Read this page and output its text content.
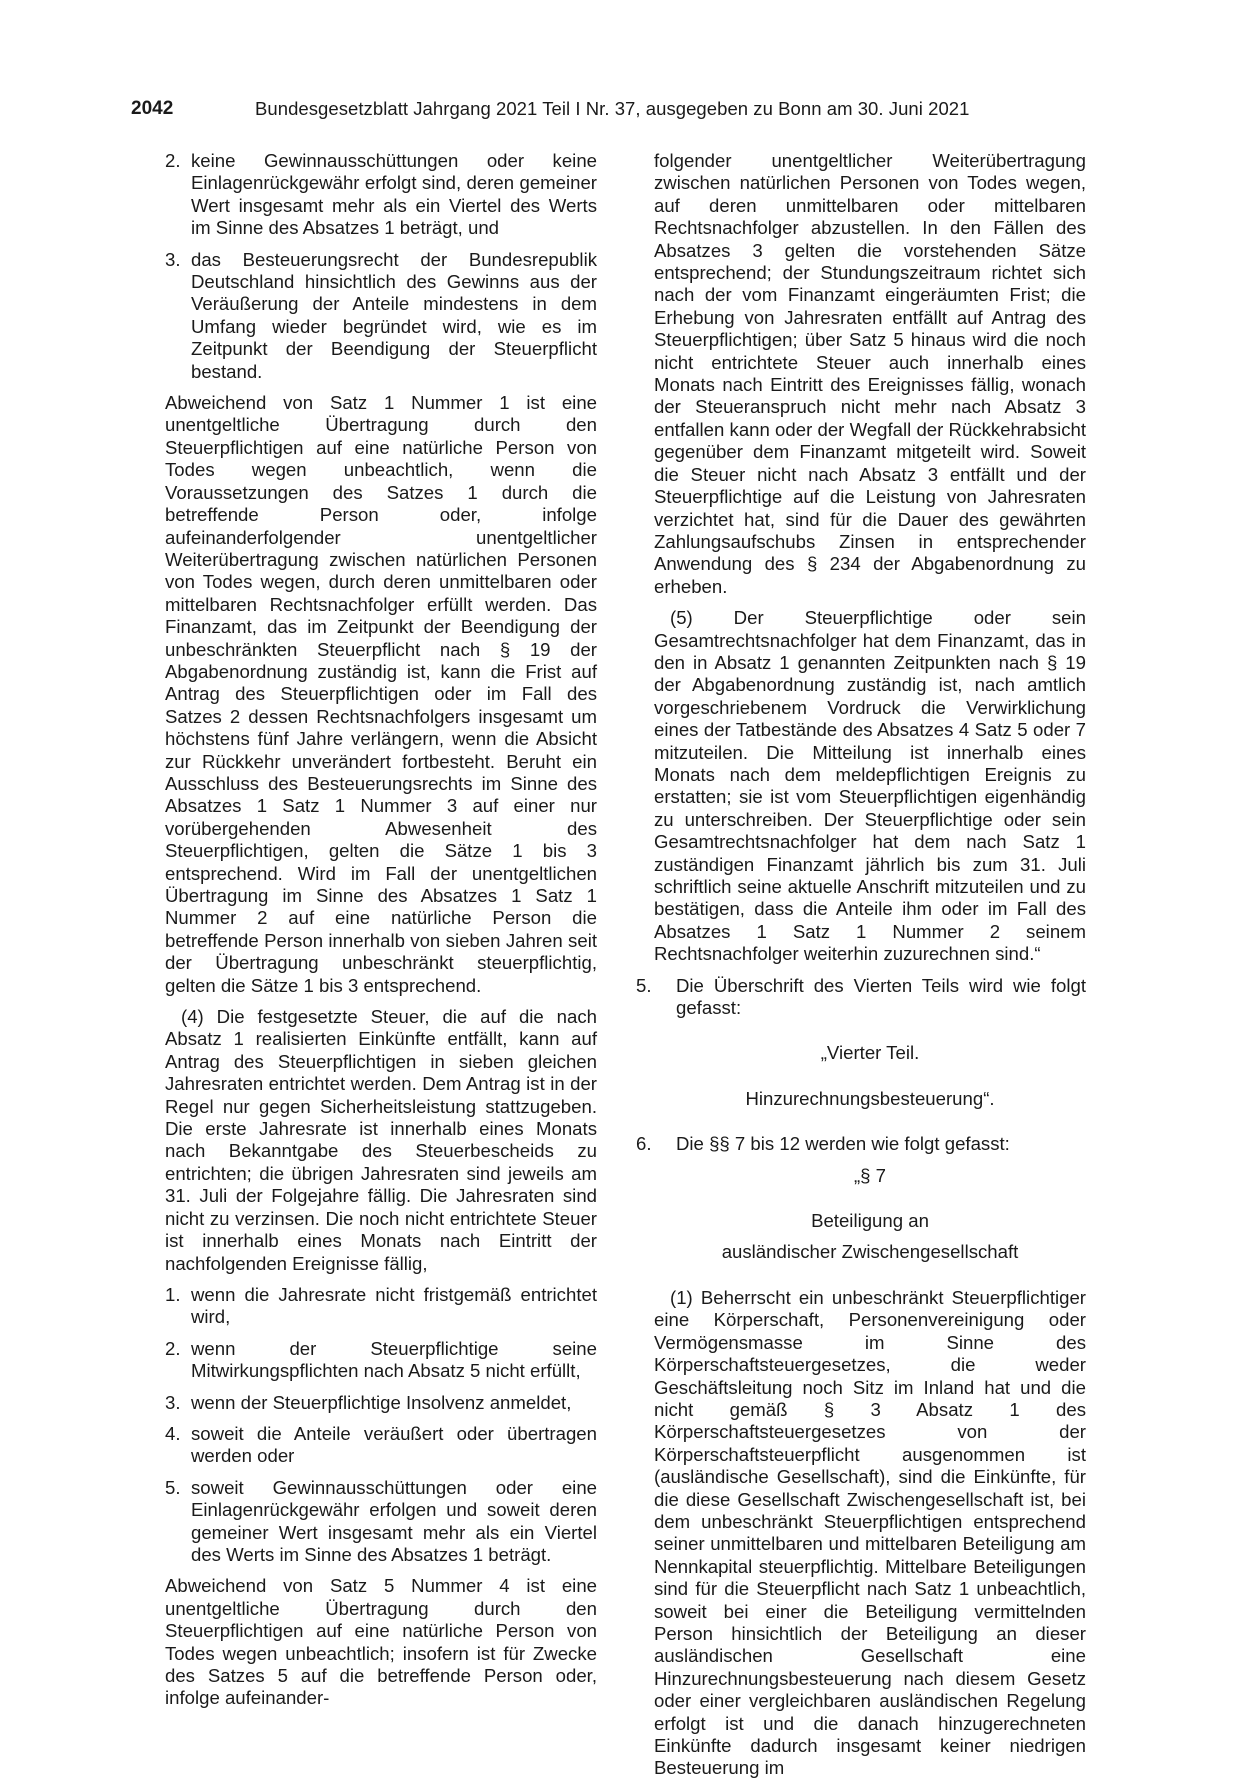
2042	Bundesgesetzblatt Jahrgang 2021 Teil I Nr. 37, ausgegeben zu Bonn am 30. Juni 2021
2. keine Gewinnausschüttungen oder keine Einlagenrückgewähr erfolgt sind, deren gemeiner Wert insgesamt mehr als ein Viertel des Werts im Sinne des Absatzes 1 beträgt, und
3. das Besteuerungsrecht der Bundesrepublik Deutschland hinsichtlich des Gewinns aus der Veräußerung der Anteile mindestens in dem Umfang wieder begründet wird, wie es im Zeitpunkt der Beendigung der Steuerpflicht bestand.

Abweichend von Satz 1 Nummer 1 ist eine unentgeltliche Übertragung durch den Steuerpflichtigen auf eine natürliche Person von Todes wegen unbeachtlich, wenn die Voraussetzungen des Satzes 1 durch die betreffende Person oder, infolge aufeinanderfolgender unentgeltlicher Weiterübertragung zwischen natürlichen Personen von Todes wegen, durch deren unmittelbaren oder mittelbaren Rechtsnachfolger erfüllt werden. Das Finanzamt, das im Zeitpunkt der Beendigung der unbeschränkten Steuerpflicht nach § 19 der Abgabenordnung zuständig ist, kann die Frist auf Antrag des Steuerpflichtigen oder im Fall des Satzes 2 dessen Rechtsnachfolgers insgesamt um höchstens fünf Jahre verlängern, wenn die Absicht zur Rückkehr unverändert fortbesteht. Beruht ein Ausschluss des Besteuerungsrechts im Sinne des Absatzes 1 Satz 1 Nummer 3 auf einer nur vorübergehenden Abwesenheit des Steuerpflichtigen, gelten die Sätze 1 bis 3 entsprechend. Wird im Fall der unentgeltlichen Übertragung im Sinne des Absatzes 1 Satz 1 Nummer 2 auf eine natürliche Person die betreffende Person innerhalb von sieben Jahren seit der Übertragung unbeschränkt steuerpflichtig, gelten die Sätze 1 bis 3 entsprechend.

(4) Die festgesetzte Steuer, die auf die nach Absatz 1 realisierten Einkünfte entfällt, kann auf Antrag des Steuerpflichtigen in sieben gleichen Jahresraten entrichtet werden. Dem Antrag ist in der Regel nur gegen Sicherheitsleistung stattzugeben. Die erste Jahresrate ist innerhalb eines Monats nach Bekanntgabe des Steuerbescheids zu entrichten; die übrigen Jahresraten sind jeweils am 31. Juli der Folgejahre fällig. Die Jahresraten sind nicht zu verzinsen. Die noch nicht entrichtete Steuer ist innerhalb eines Monats nach Eintritt der nachfolgenden Ereignisse fällig,

1. wenn die Jahresrate nicht fristgemäß entrichtet wird,
2. wenn der Steuerpflichtige seine Mitwirkungspflichten nach Absatz 5 nicht erfüllt,
3. wenn der Steuerpflichtige Insolvenz anmeldet,
4. soweit die Anteile veräußert oder übertragen werden oder
5. soweit Gewinnausschüttungen oder eine Einlagenrückgewähr erfolgen und soweit deren gemeiner Wert insgesamt mehr als ein Viertel des Werts im Sinne des Absatzes 1 beträgt.

Abweichend von Satz 5 Nummer 4 ist eine unentgeltliche Übertragung durch den Steuerpflichtigen auf eine natürliche Person von Todes wegen unbeachtlich; insofern ist für Zwecke des Satzes 5 auf die betreffende Person oder, infolge aufeinander-

folgender unentgeltlicher Weiterübertragung zwischen natürlichen Personen von Todes wegen, auf deren unmittelbaren oder mittelbaren Rechtsnachfolger abzustellen. In den Fällen des Absatzes 3 gelten die vorstehenden Sätze entsprechend; der Stundungszeitraum richtet sich nach der vom Finanzamt eingeräumten Frist; die Erhebung von Jahresraten entfällt auf Antrag des Steuerpflichtigen; über Satz 5 hinaus wird die noch nicht entrichtete Steuer auch innerhalb eines Monats nach Eintritt des Ereignisses fällig, wonach der Steueranspruch nicht mehr nach Absatz 3 entfallen kann oder der Wegfall der Rückkehrabsicht gegenüber dem Finanzamt mitgeteilt wird. Soweit die Steuer nicht nach Absatz 3 entfällt und der Steuerpflichtige auf die Leistung von Jahresraten verzichtet hat, sind für die Dauer des gewährten Zahlungsaufschubs Zinsen in entsprechender Anwendung des § 234 der Abgabenordnung zu erheben.

(5) Der Steuerpflichtige oder sein Gesamtrechtsnachfolger hat dem Finanzamt, das in den in Absatz 1 genannten Zeitpunkten nach § 19 der Abgabenordnung zuständig ist, nach amtlich vorgeschriebenem Vordruck die Verwirklichung eines der Tatbestände des Absatzes 4 Satz 5 oder 7 mitzuteilen. Die Mitteilung ist innerhalb eines Monats nach dem meldepflichtigen Ereignis zu erstatten; sie ist vom Steuerpflichtigen eigenhändig zu unterschreiben. Der Steuerpflichtige oder sein Gesamtrechtsnachfolger hat dem nach Satz 1 zuständigen Finanzamt jährlich bis zum 31. Juli schriftlich seine aktuelle Anschrift mitzuteilen und zu bestätigen, dass die Anteile ihm oder im Fall des Absatzes 1 Satz 1 Nummer 2 seinem Rechtsnachfolger weiterhin zuzurechnen sind.“

5. Die Überschrift des Vierten Teils wird wie folgt gefasst:

„Vierter Teil.

Hinzurechnungsbesteuerung“.

6. Die §§ 7 bis 12 werden wie folgt gefasst:

„§ 7

Beteiligung an

ausländischer Zwischengesellschaft

(1) Beherrscht ein unbeschränkt Steuerpflichtiger eine Körperschaft, Personenvereinigung oder Vermögensmasse im Sinne des Körperschaftsteuergesetzes, die weder Geschäftsleitung noch Sitz im Inland hat und die nicht gemäß § 3 Absatz 1 des Körperschaftsteuergesetzes von der Körperschaftsteuerpflicht ausgenommen ist (ausländische Gesellschaft), sind die Einkünfte, für die diese Gesellschaft Zwischengesellschaft ist, bei dem unbeschränkt Steuerpflichtigen entsprechend seiner unmittelbaren und mittelbaren Beteiligung am Nennkapital steuerpflichtig. Mittelbare Beteiligungen sind für die Steuerpflicht nach Satz 1 unbeachtlich, soweit bei einer die Beteiligung vermittelnden Person hinsichtlich der Beteiligung an dieser ausländischen Gesellschaft eine Hinzurechnungsbesteuerung nach diesem Gesetz oder einer vergleichbaren ausländischen Regelung erfolgt ist und die danach hinzugerechneten Einkünfte dadurch insgesamt keiner niedrigen Besteuerung im
